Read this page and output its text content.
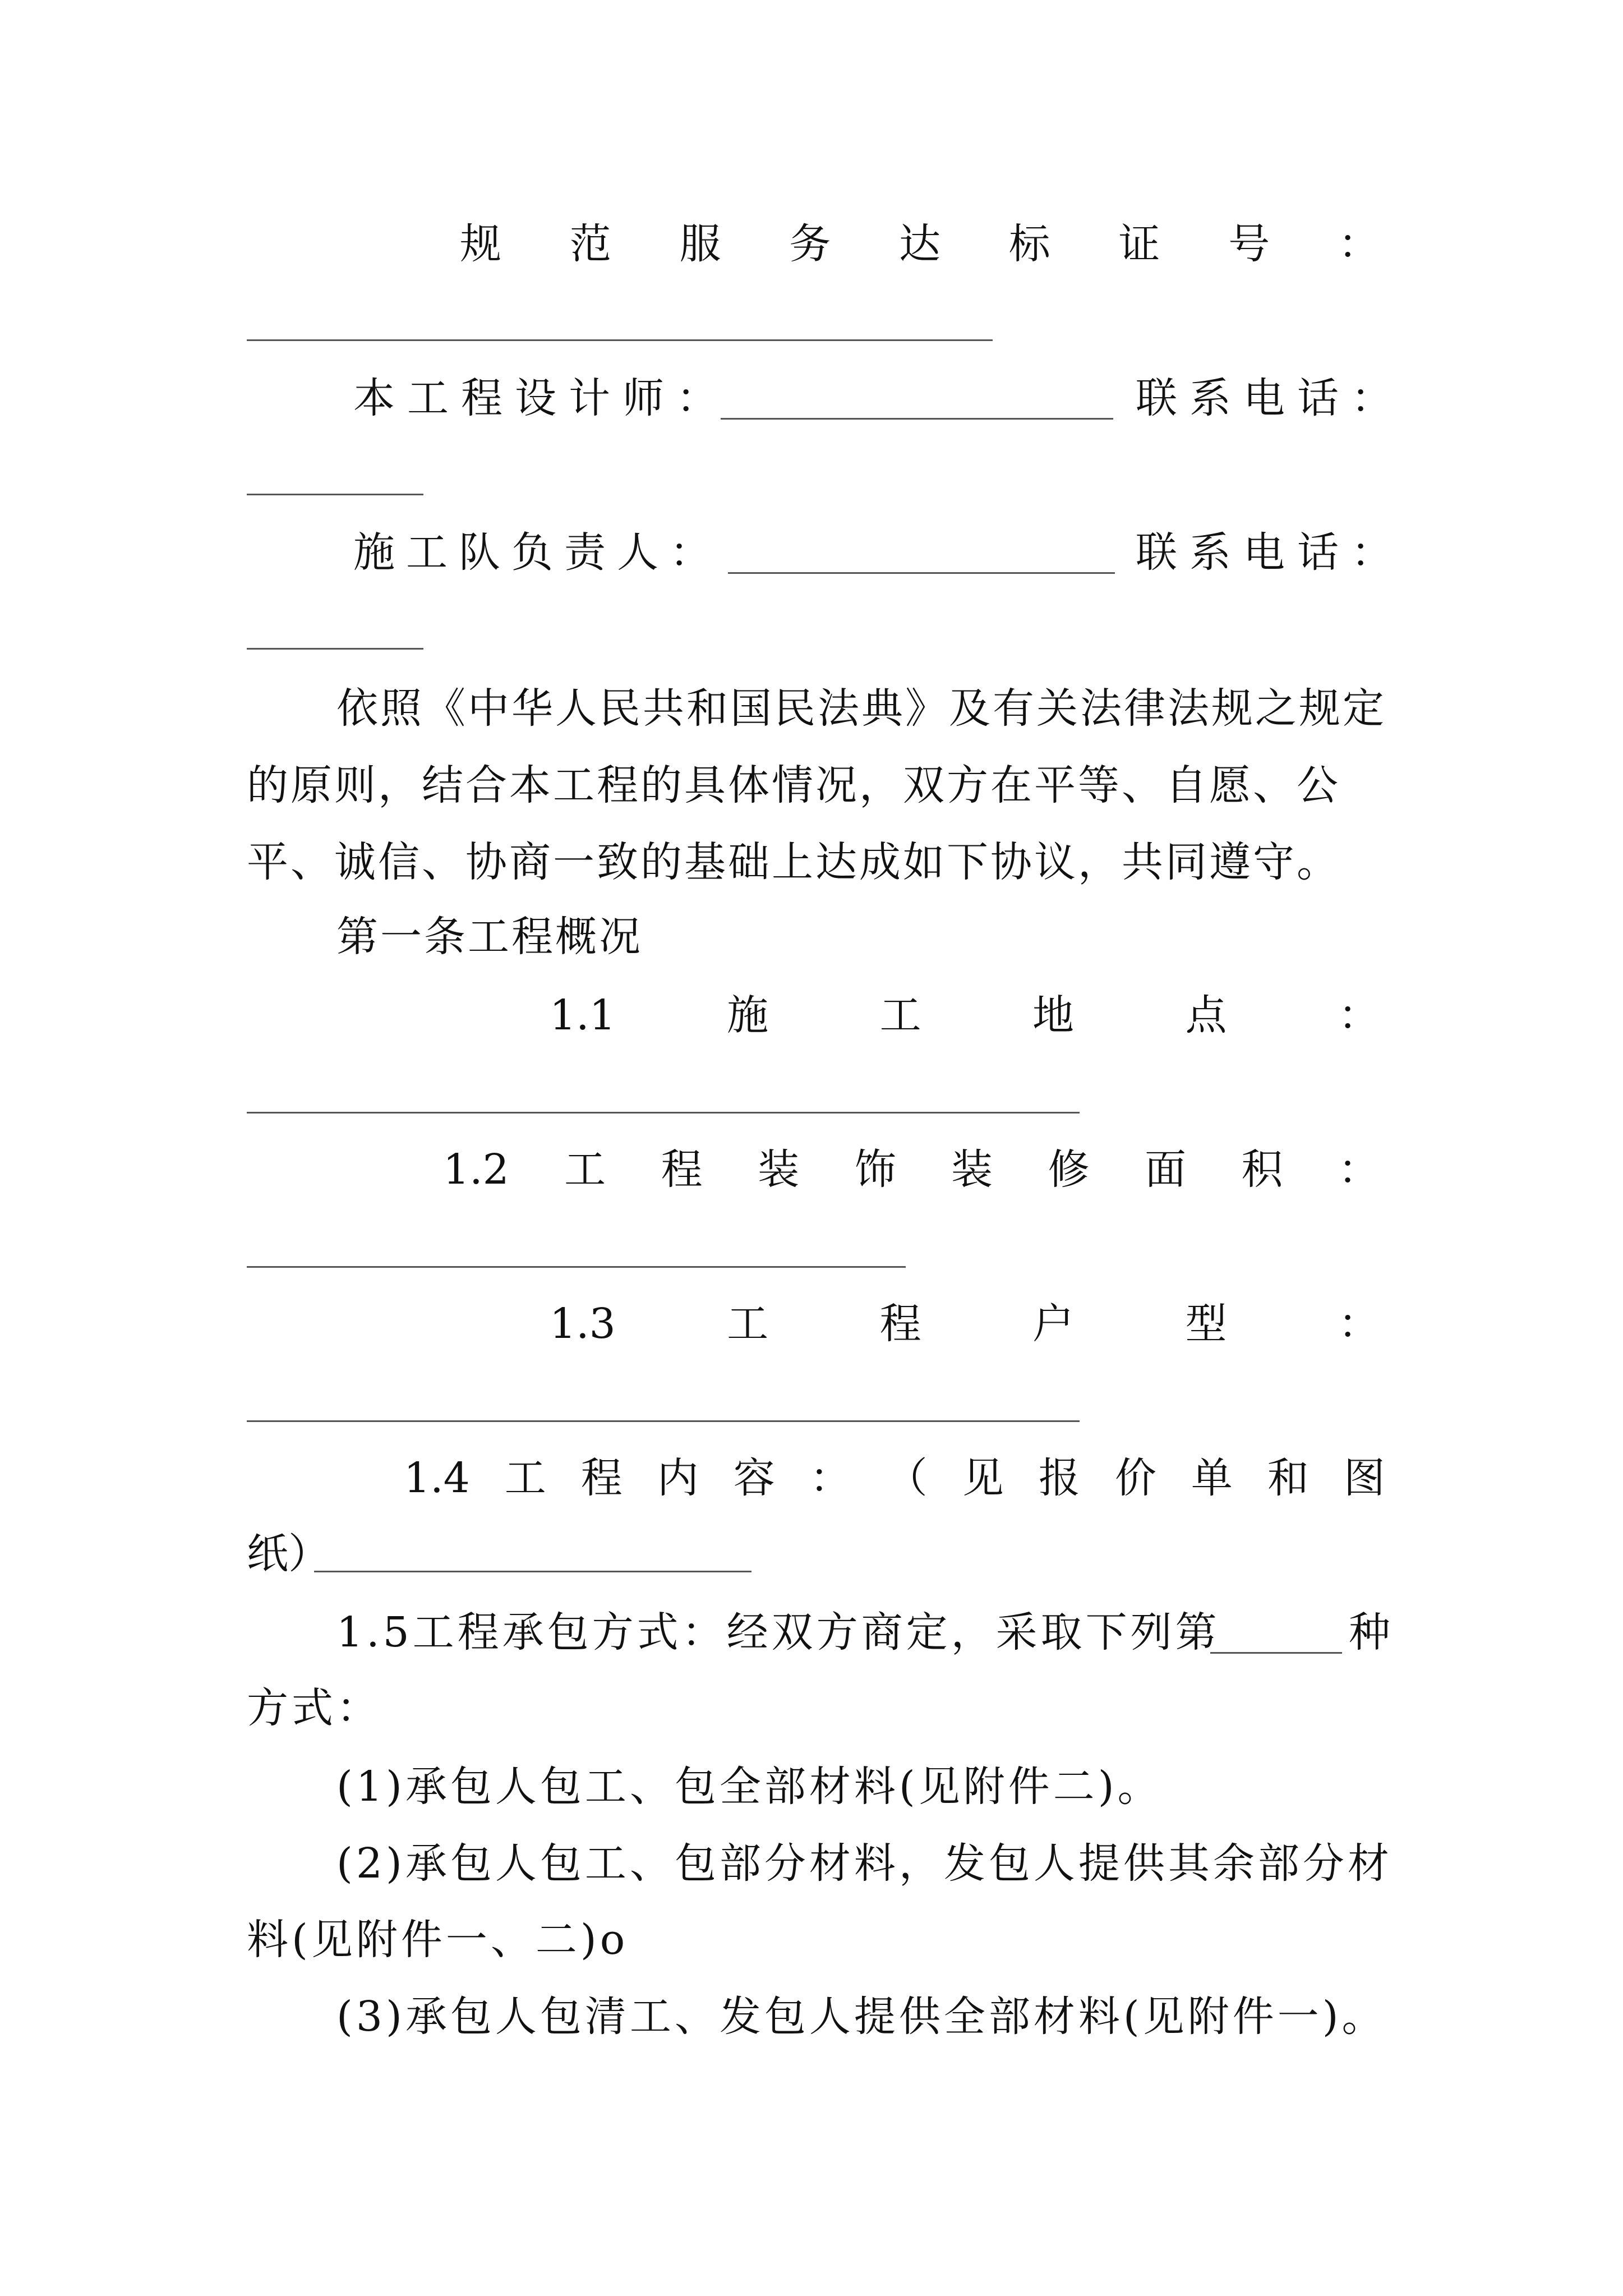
规 范 服 务 达 标 证 号 ：
本工程设计师：	联系电话：
施工队负责人：	联系电话：
依照《中华人民共和国民法典》及有关法律法规之规定的原则，结合本工程的具体情况，双方在平等、自愿、公平、诚信、协商一致的基础上达成如下协议，共同遵守。
第一条工程概况
1.1	施	工	地	点	：
1.2 工 程 装 饰 装 修 面 积 ：
1.3	工	程	户	型	：
1.4 工 程 内 容 ： （ 见 报 价 单 和 图
纸）
1.5工程承包方式：经双方商定，采取下列第	种
方式：
(1)承包人包工、包全部材料(见附件二)。
(2)承包人包工、包部分材料，发包人提供其余部分材
料(见附件一、二)o
(3)承包人包清工、发包人提供全部材料(见附件一)。
